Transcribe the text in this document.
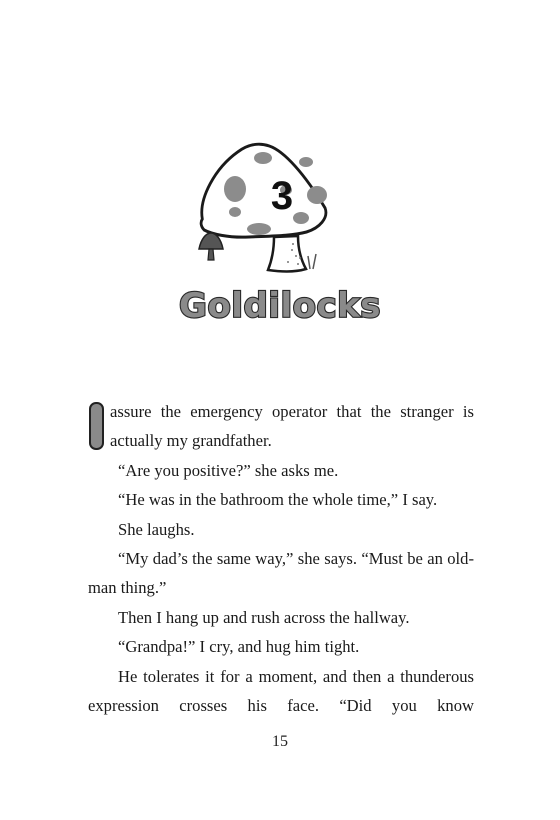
3
Goldilocks

assure the emergency operator that the stranger is actually my grandfather.

“Are you positive?” she asks me.

“He was in the bathroom the whole time,” I say.

She laughs.

“My dad’s the same way,” she says. “Must be an old-man thing.”

Then I hang up and rush across the hallway.

“Grandpa!” I cry, and hug him tight.

He tolerates it for a moment, and then a thunderous expression crosses his face. “Did you know

15
